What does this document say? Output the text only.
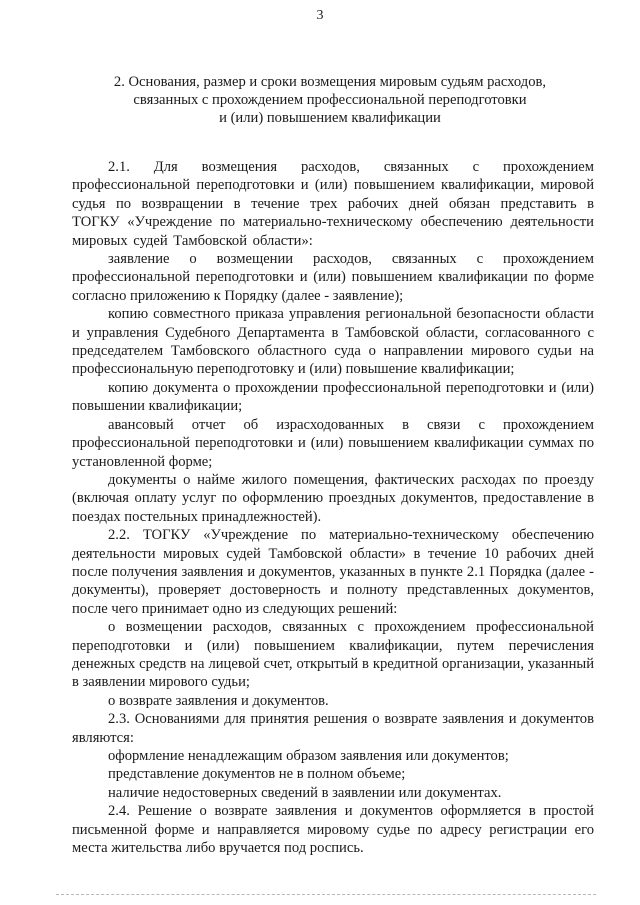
3
2. Основания, размер и сроки возмещения мировым судьям расходов,
связанных с прохождением профессиональной переподготовки
и (или) повышением квалификации

2.1. Для возмещения расходов, связанных с прохождением профессиональной переподготовки и (или) повышением квалификации, мировой судья по возвращении в течение трех рабочих дней обязан представить в ТОГКУ «Учреждение по материально-техническому обеспечению деятельности мировых судей Тамбовской области»:

заявление о возмещении расходов, связанных с прохождением профессиональной переподготовки и (или) повышением квалификации по форме согласно приложению к Порядку (далее - заявление);

копию совместного приказа управления региональной безопасности области и управления Судебного Департамента в Тамбовской области, согласованного с председателем Тамбовского областного суда о направлении мирового судьи на профессиональную переподготовку и (или) повышение квалификации;

копию документа о прохождении профессиональной переподготовки и (или) повышении квалификации;

авансовый отчет об израсходованных в связи с прохождением профессиональной переподготовки и (или) повышением квалификации суммах по установленной форме;

документы о найме жилого помещения, фактических расходах по проезду (включая оплату услуг по оформлению проездных документов, предоставление в поездах постельных принадлежностей).

2.2. ТОГКУ «Учреждение по материально-техническому обеспечению деятельности мировых судей Тамбовской области» в течение 10 рабочих дней после получения заявления и документов, указанных в пункте 2.1 Порядка (далее - документы), проверяет достоверность и полноту представленных документов, после чего принимает одно из следующих решений:

о возмещении расходов, связанных с прохождением профессиональной переподготовки и (или) повышением квалификации, путем перечисления денежных средств на лицевой счет, открытый в кредитной организации, указанный в заявлении мирового судьи;

о возврате заявления и документов.

2.3. Основаниями для принятия решения о возврате заявления и документов являются:

оформление ненадлежащим образом заявления или документов;

представление документов не в полном объеме;

наличие недостоверных сведений в заявлении или документах.

2.4. Решение о возврате заявления и документов оформляется в простой письменной форме и направляется мировому судье по адресу регистрации его места жительства либо вручается под роспись.
